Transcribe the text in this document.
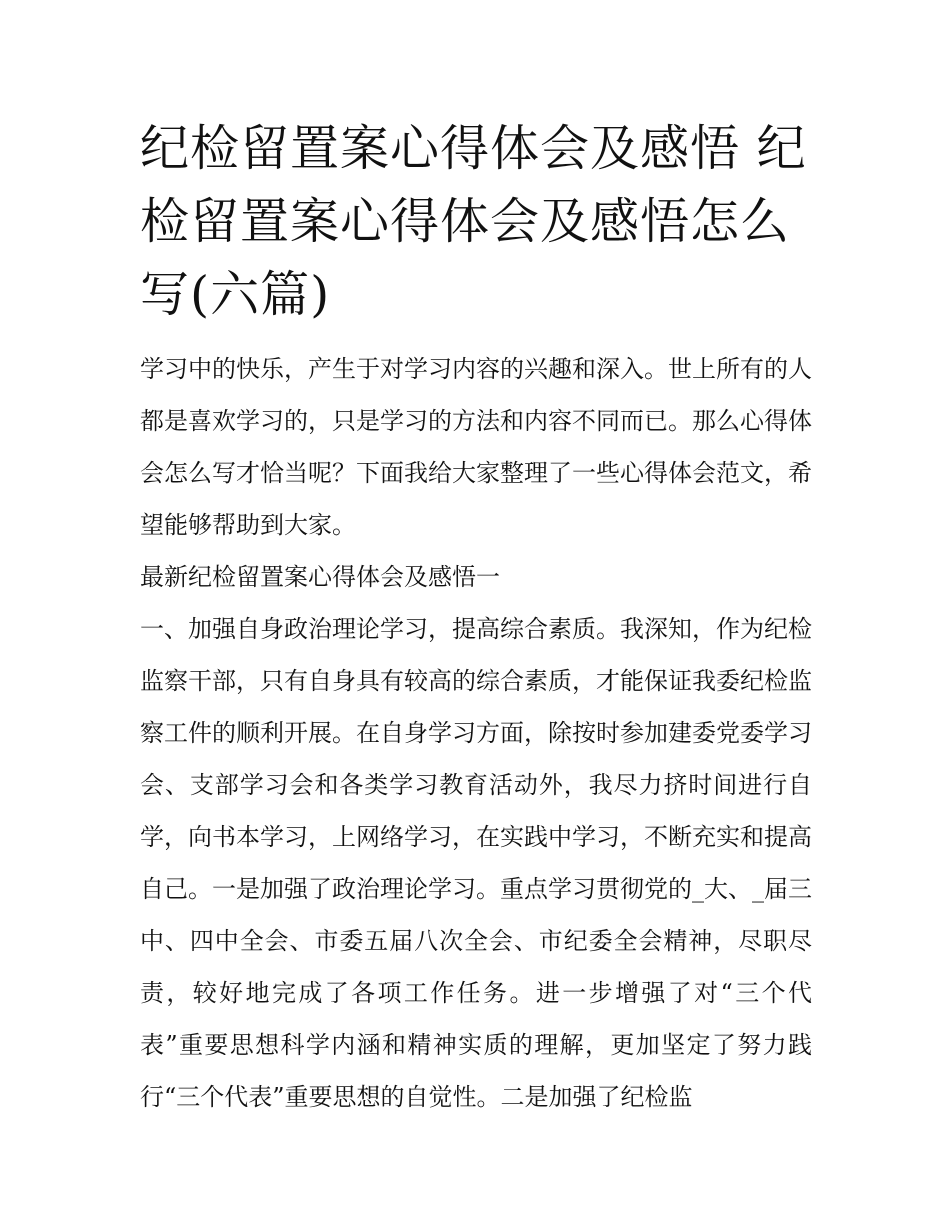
纪检留置案心得体会及感悟 纪检留置案心得体会及感悟怎么写(六篇)

学习中的快乐，产生于对学习内容的兴趣和深入。世上所有的人都是喜欢学习的，只是学习的方法和内容不同而已。那么心得体会怎么写才恰当呢？下面我给大家整理了一些心得体会范文，希望能够帮助到大家。

最新纪检留置案心得体会及感悟一

一、加强自身政治理论学习，提高综合素质。我深知，作为纪检监察干部，只有自身具有较高的综合素质，才能保证我委纪检监察工件的顺利开展。在自身学习方面，除按时参加建委党委学习会、支部学习会和各类学习教育活动外，我尽力挤时间进行自学，向书本学习，上网络学习，在实践中学习，不断充实和提高自己。一是加强了政治理论学习。重点学习贯彻党的_大、_届三中、四中全会、市委五届八次全会、市纪委全会精神，尽职尽责，较好地完成了各项工作任务。进一步增强了对“三个代表”重要思想科学内涵和精神实质的理解，更加坚定了努力践行“三个代表”重要思想的自觉性。二是加强了纪检监
